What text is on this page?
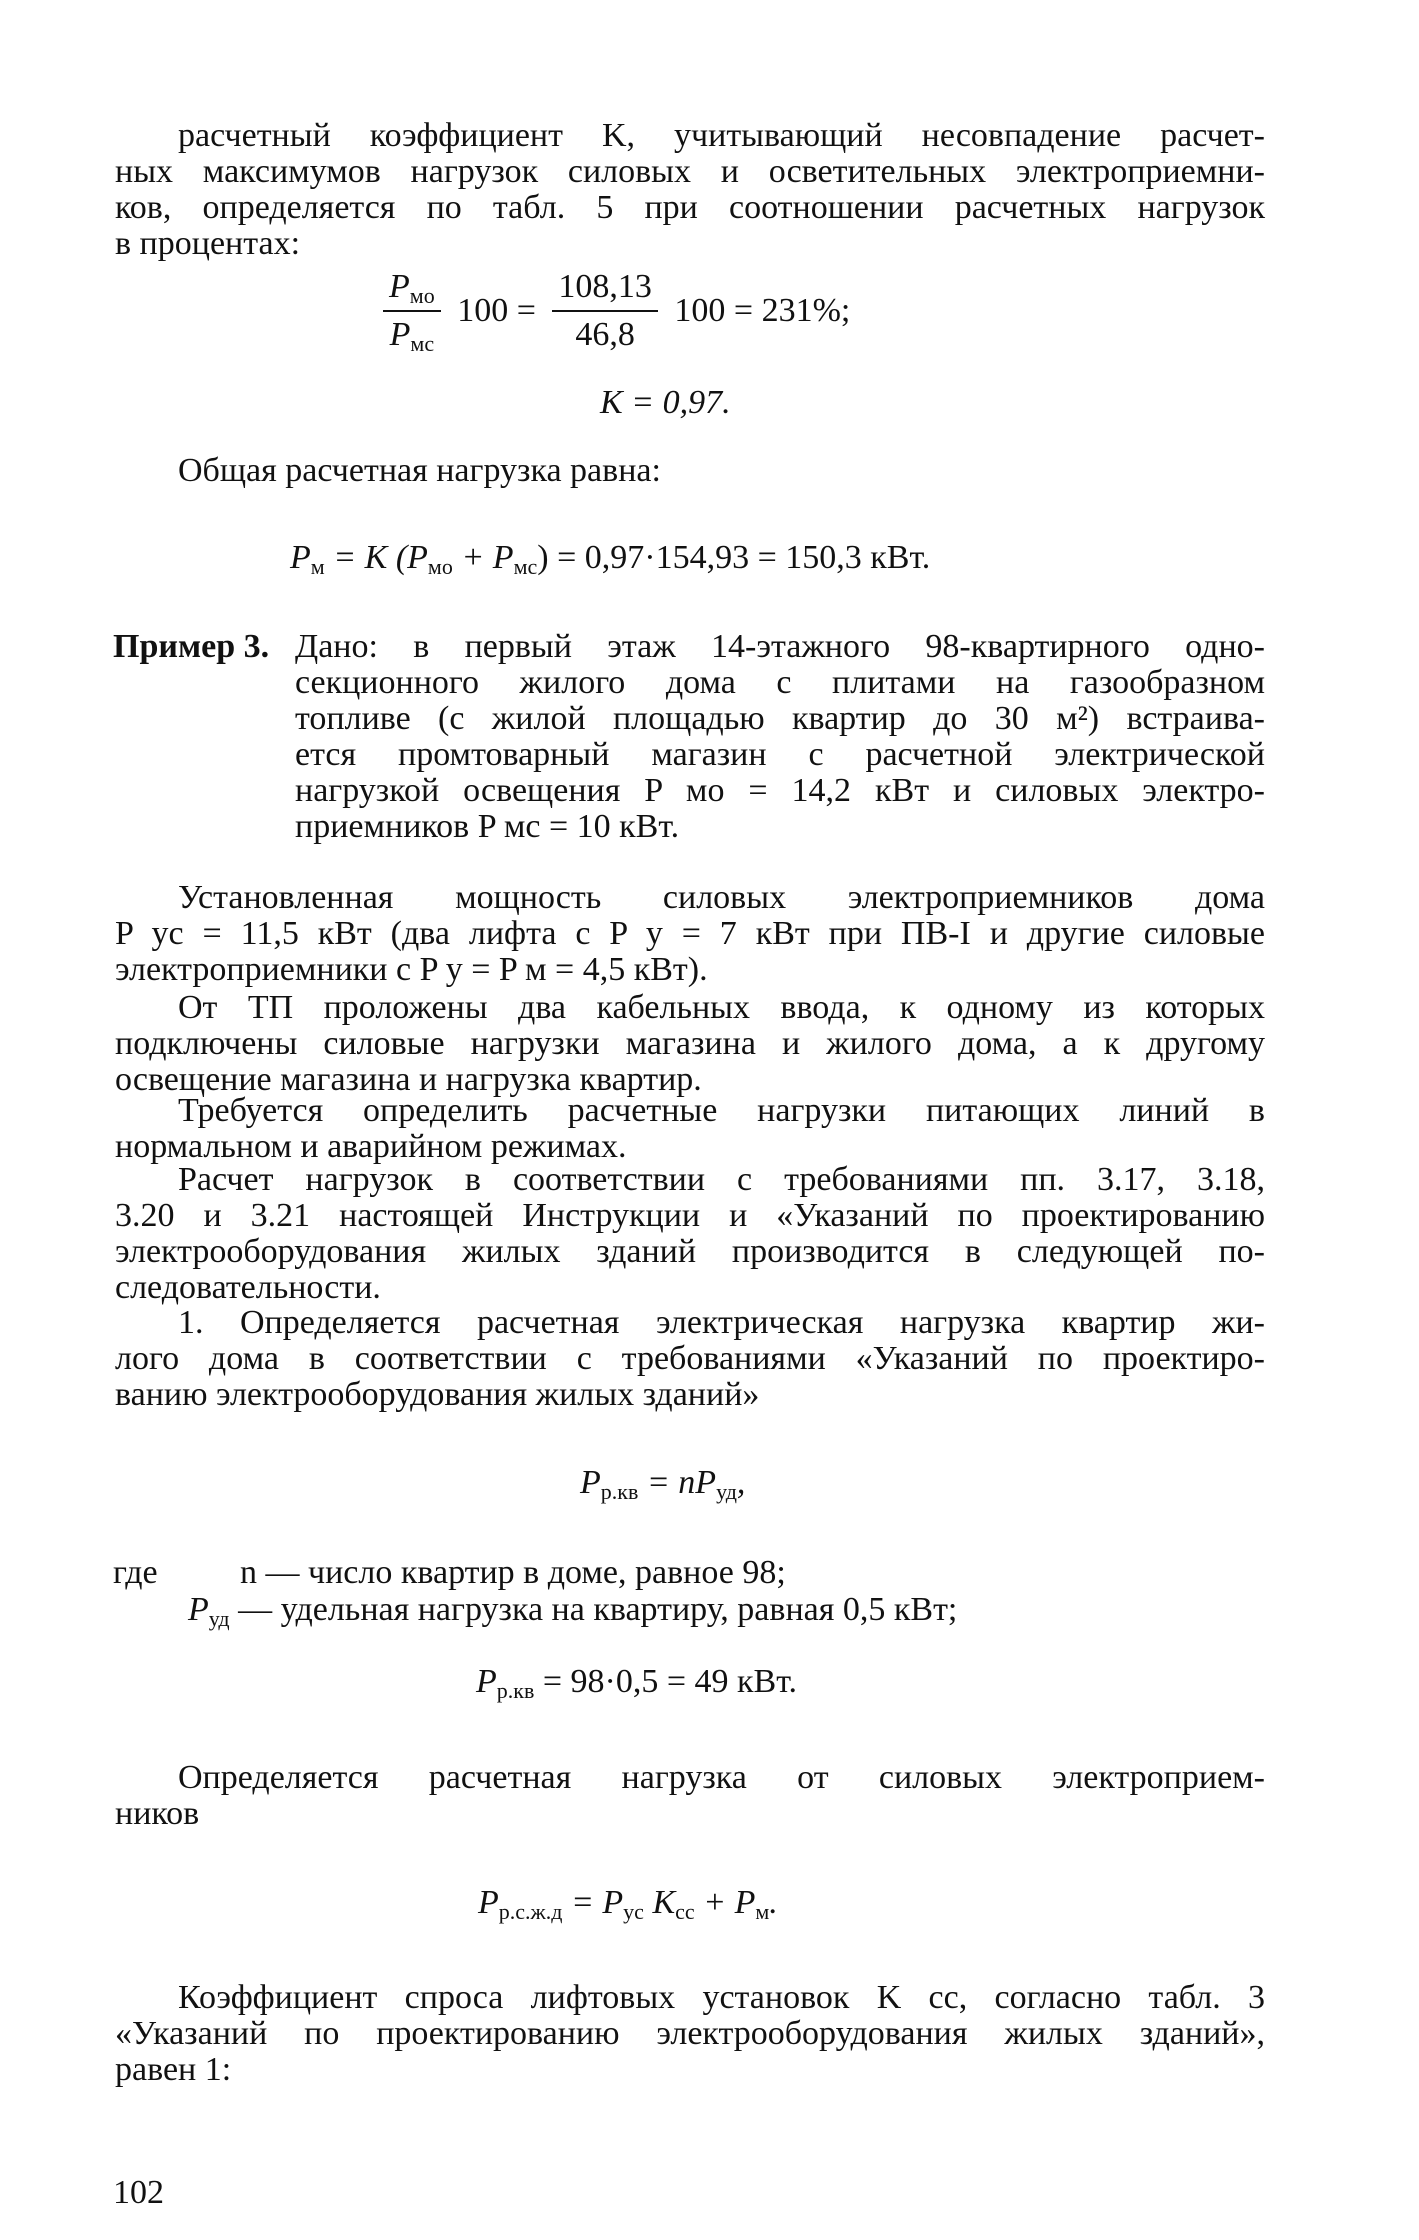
расчетный коэффициент K, учитывающий несовпадение расчет-
ных максимумов нагрузок силовых и осветительных электроприемни-
ков, определяется по табл. 5 при соотношении расчетных нагрузок
в процентах:
$\frac{P_{мо}}{P_{мс}} 100 = \frac{108,13}{46,8} 100 = 231\%$;
K = 0,97.
Общая расчетная нагрузка равна:
$P_м = K$ $(P_{мо} + P_{мс}) = 0,97\cdot 154,93 = 150,3$ кВт.
Пример 3. Дано: в первый этаж 14-этажного 98-квартирного одно-
секционного жилого дома с плитами на газообразном
топливе (с жилой площадью квартир до 30 м²) встраива-
ется промтоварный магазин с расчетной электрической
нагрузкой освещения P мо = 14,2 кВт и силовых электро-
приемников P мс = 10 кВт.
Установленная мощность силовых электроприемников дома
P ус = 11,5 кВт (два лифта с P у = 7 кВт при ПВ-I и другие силовые
электроприемники с P у = P м = 4,5 кВт).
От ТП проложены два кабельных ввода, к одному из которых
подключены силовые нагрузки магазина и жилого дома, а к другому
освещение магазина и нагрузка квартир.
Требуется определить расчетные нагрузки питающих линий в
нормальном и аварийном режимах.
Расчет нагрузок в соответствии с требованиями пп. 3.17, 3.18,
3.20 и 3.21 настоящей Инструкции и «Указаний по проектированию
электрооборудования жилых зданий производится в следующей по-
следовательности.
1. Определяется расчетная электрическая нагрузка квартир жи-
лого дома в соответствии с требованиями «Указаний по проектиро-
ванию электрооборудования жилых зданий»
$P_{р.кв} = nP_{уд}$,
где	n — число квартир в доме, равное 98;
$P_{уд}$ — удельная нагрузка на квартиру, равная 0,5 кВт;
$P_{р.кв} = 98\cdot 0,5 = 49$ кВт.
Определяется расчетная нагрузка от силовых электроприем-
ников
$P_{р.с.ж.д} = P_{ус}$ $K_{сс} + P_м$.
Коэффициент спроса лифтовых установок K сс, согласно табл. 3
«Указаний по проектированию электрооборудования жилых зданий»,
равен 1:
102
